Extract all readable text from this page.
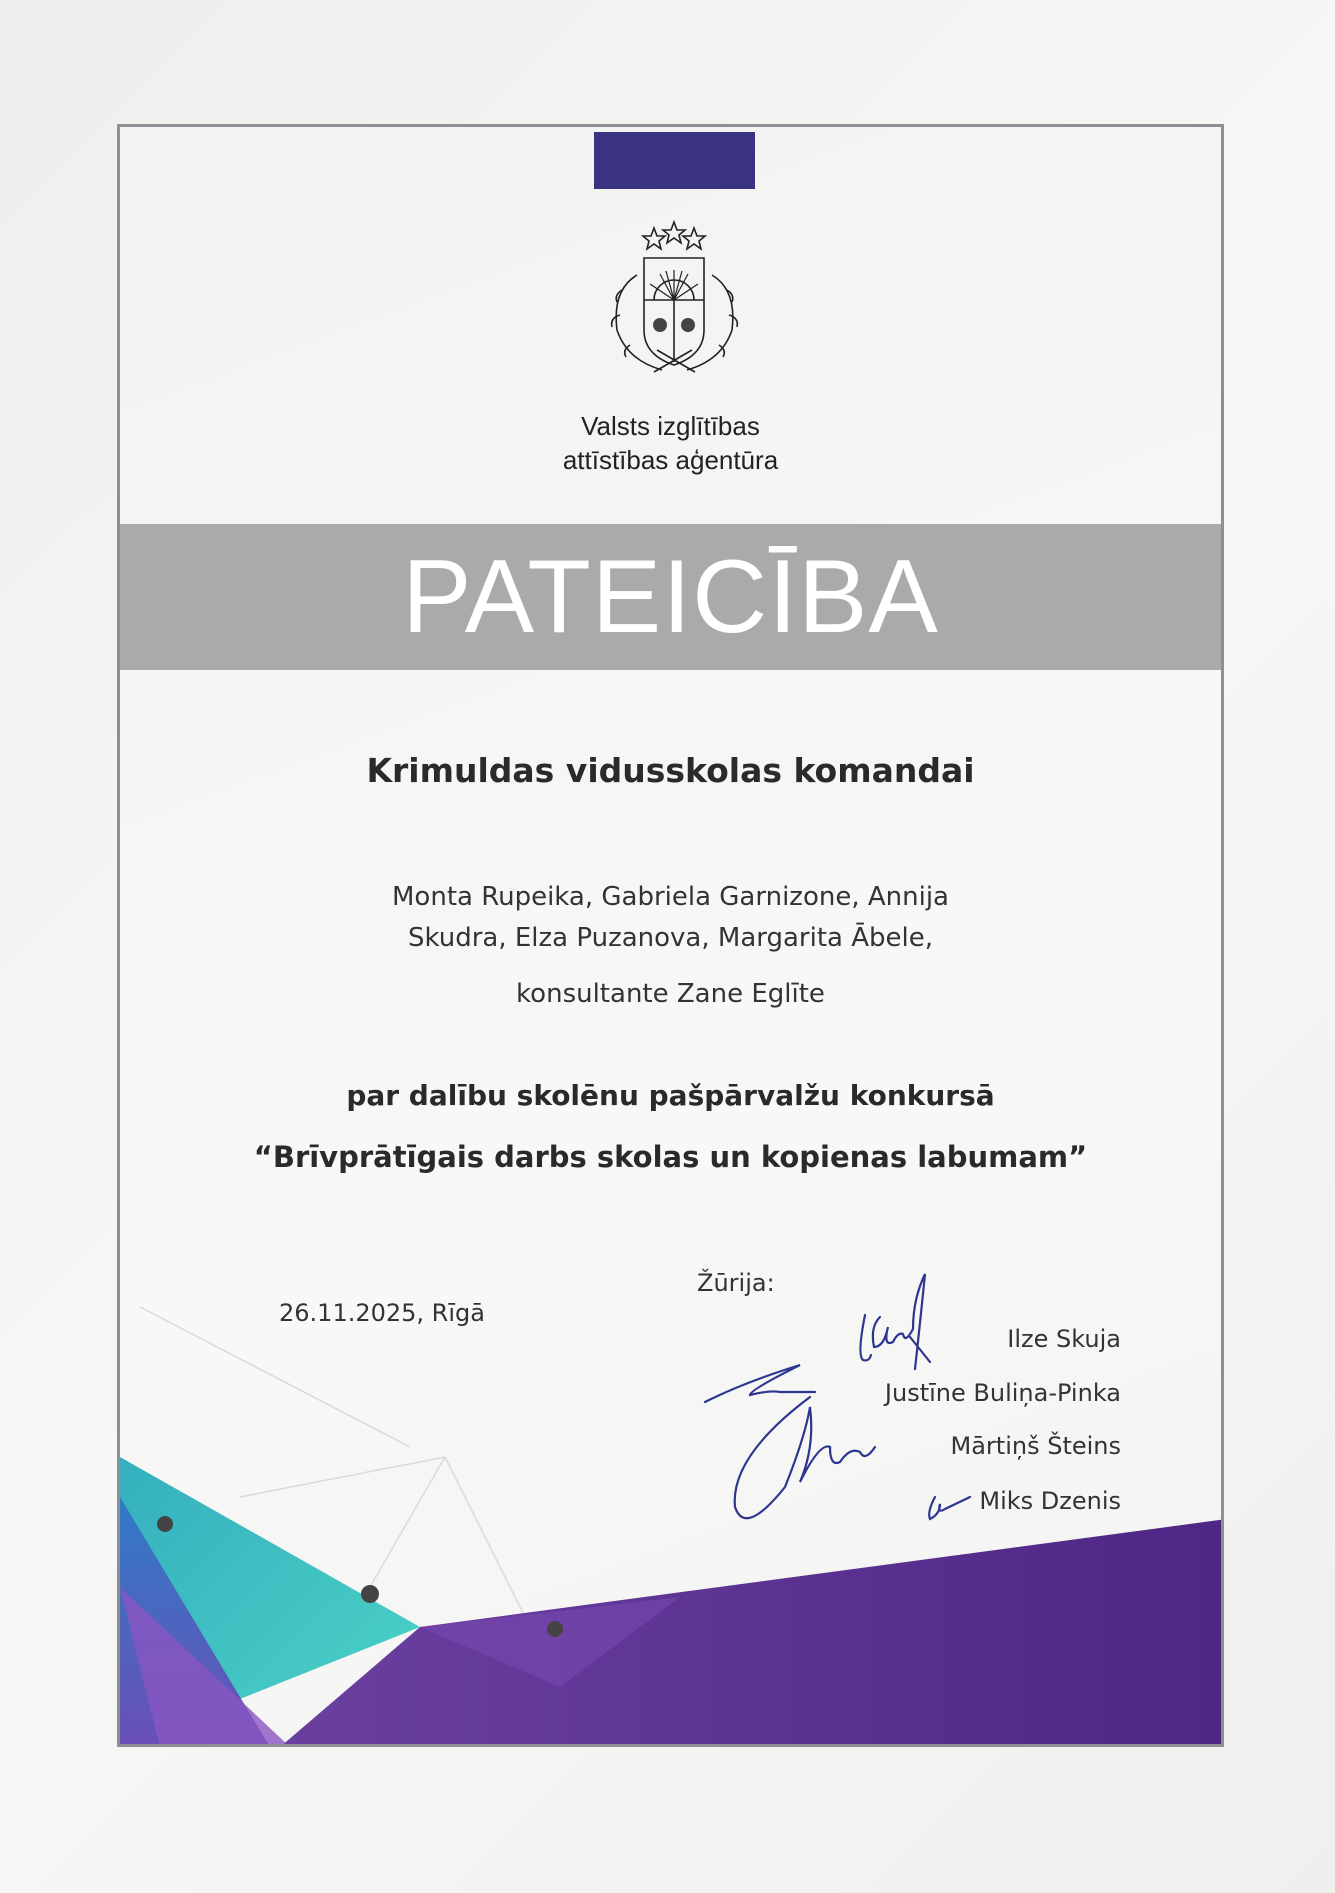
Valsts izglītības
attīstības aģentūra
PATEICĪBA
Krimuldas vidusskolas komandai
Monta Rupeika, Gabriela Garnizone, Annija
Skudra, Elza Puzanova, Margarita Ābele,
konsultante Zane Eglīte
par dalību skolēnu pašpārvalžu konkursā
“Brīvprātīgais darbs skolas un kopienas labumam”
26.11.2025, Rīgā
Žūrija:
Ilze Skuja
Justīne Buliņa-Pinka
Mārtiņš Šteins
Miks Dzenis
